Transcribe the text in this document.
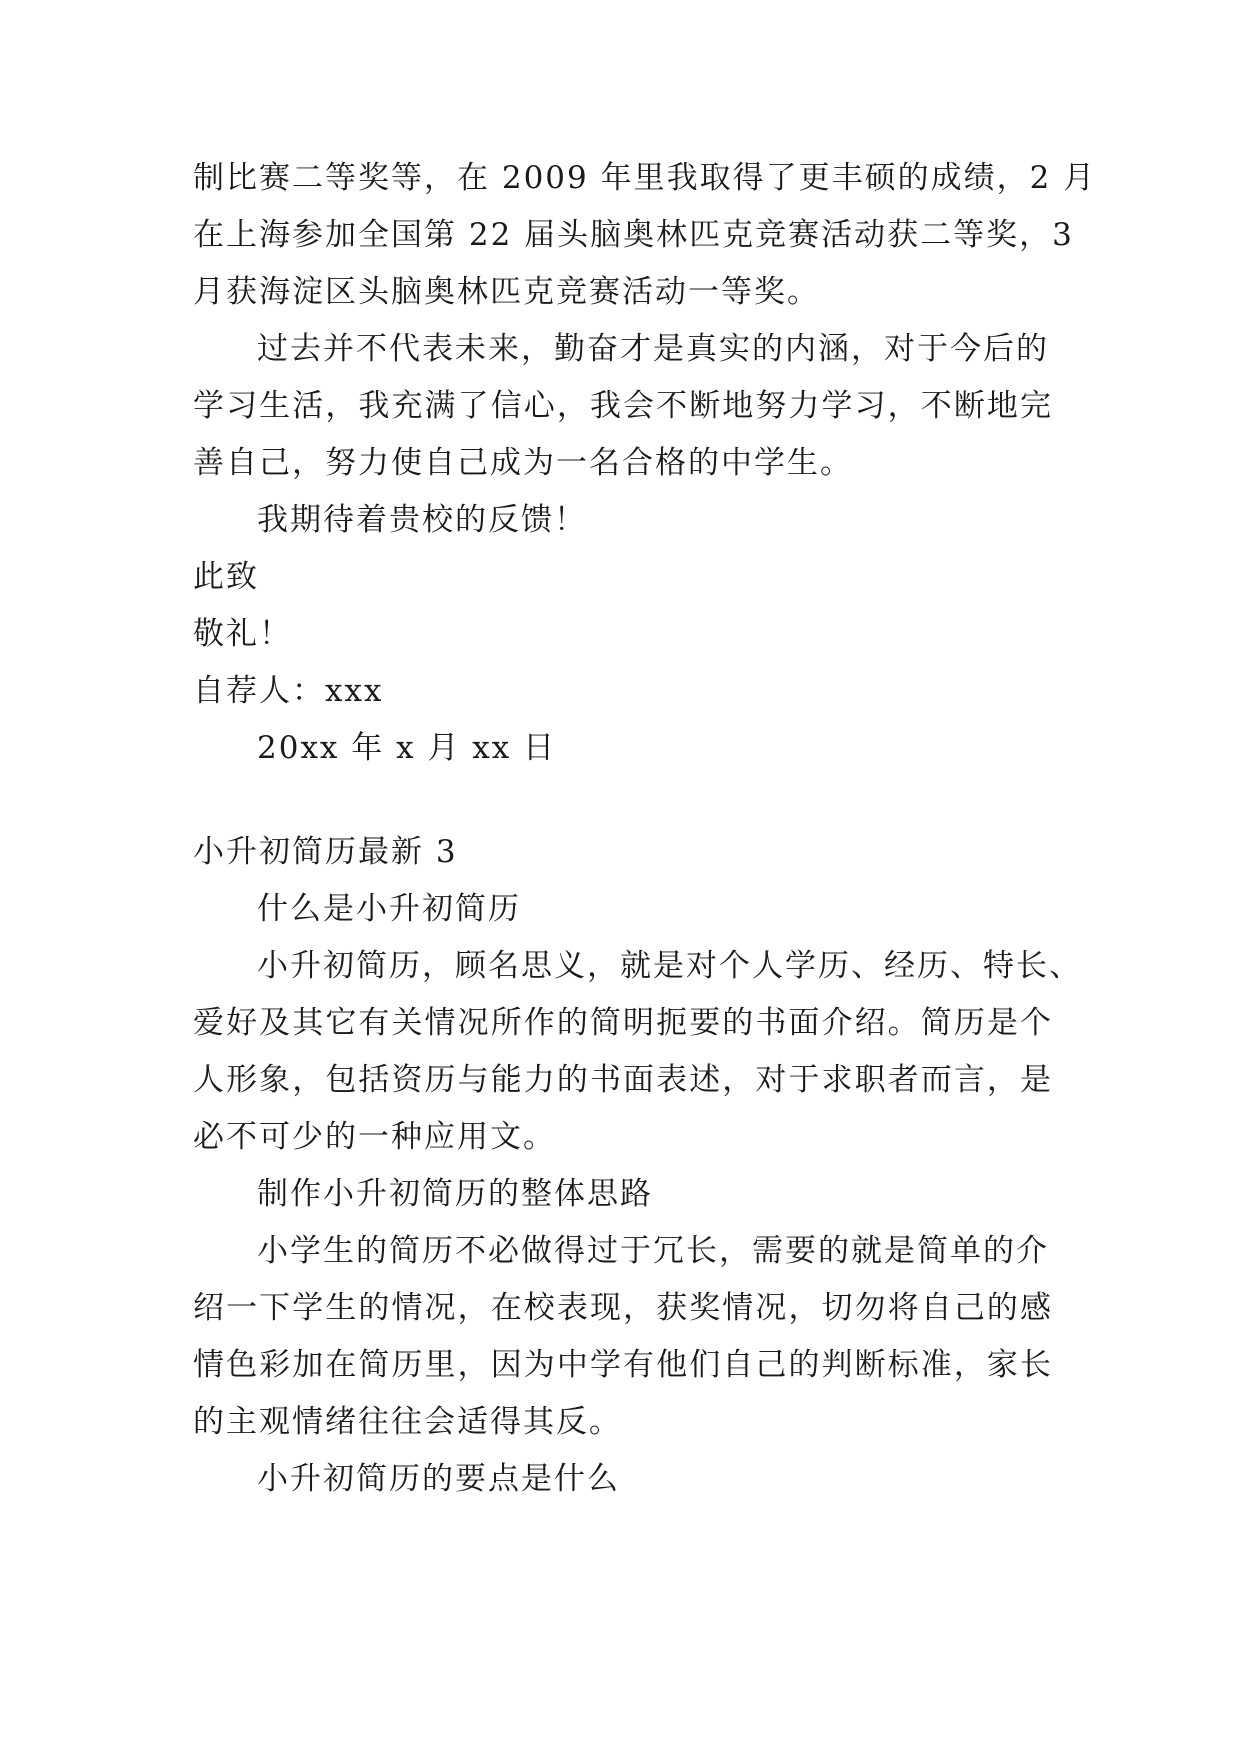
制比赛二等奖等，在 2009 年里我取得了更丰硕的成绩，2 月
在上海参加全国第 22 届头脑奥林匹克竞赛活动获二等奖，3
月获海淀区头脑奥林匹克竞赛活动一等奖。
过去并不代表未来，勤奋才是真实的内涵，对于今后的
学习生活，我充满了信心，我会不断地努力学习，不断地完
善自己，努力使自己成为一名合格的中学生。
我期待着贵校的反馈！
此致
敬礼！
自荐人：xxx
20xx 年 x 月 xx 日
小升初简历最新 3
什么是小升初简历
小升初简历，顾名思义，就是对个人学历、经历、特长、
爱好及其它有关情况所作的简明扼要的书面介绍。简历是个
人形象，包括资历与能力的书面表述，对于求职者而言，是
必不可少的一种应用文。
制作小升初简历的整体思路
小学生的简历不必做得过于冗长，需要的就是简单的介
绍一下学生的情况，在校表现，获奖情况，切勿将自己的感
情色彩加在简历里，因为中学有他们自己的判断标准，家长
的主观情绪往往会适得其反。
小升初简历的要点是什么
